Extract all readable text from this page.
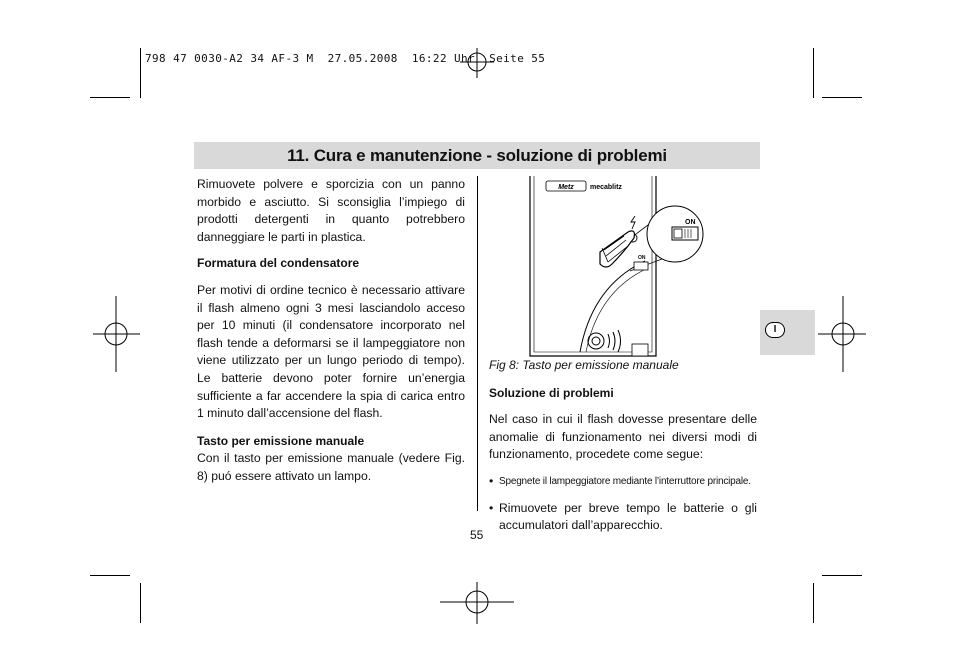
798 47 0030-A2 34 AF-3 M  27.05.2008  16:22 Uhr  Seite 55
11. Cura e manutenzione - soluzione di problemi

Rimuovete polvere e sporcizia con un panno morbido e asciutto. Si sconsiglia l’impiego di prodotti detergenti in quanto potrebbero danneggiare le parti in plastica.

Formatura del condensatore

Per motivi di ordine tecnico è necessario attivare il flash almeno ogni 3 mesi lasciandolo acceso per 10 minuti (il condensatore incorporato nel flash tende a deformarsi se il lampeggiatore non viene utilizzato per un lungo periodo di tempo). Le batterie devono poter fornire un’energia sufficiente a far accendere la spia di carica entro 1 minuto dall’accensione del flash.

Tasto per emissione manuale

Con il tasto per emissione manuale (vedere Fig. 8) puó essere attivato un lampo.

Metz mecablitz
ON
ON

Fig 8: Tasto per emissione manuale

Soluzione di problemi

Nel caso in cui il flash dovesse presentare delle anomalie di funzionamento nei diversi modi di funzionamento, procedete come segue:

• Spegnete il lampeggiatore mediante l’interruttore principale.
• Rimuovete per breve tempo le batterie o gli accumulatori dall’apparecchio.
I
55
